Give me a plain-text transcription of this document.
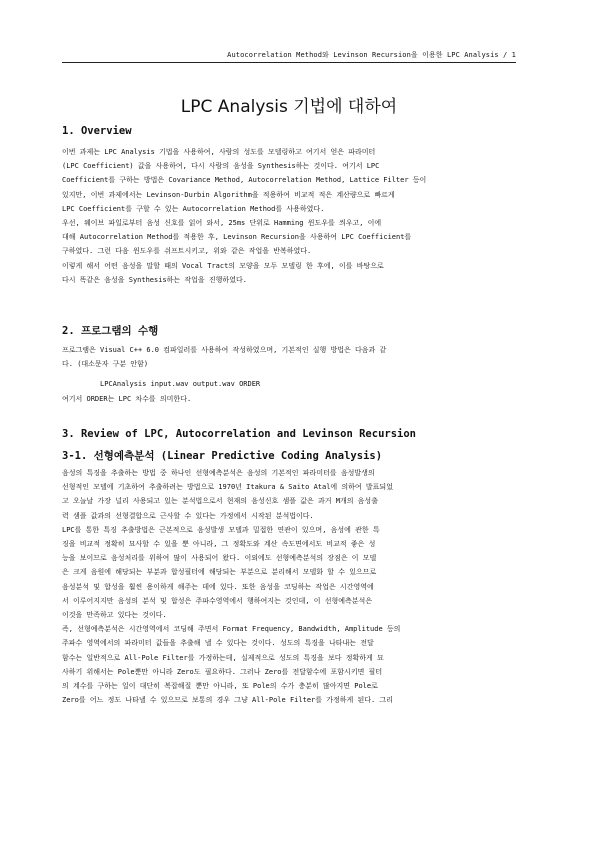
Autocorrelation Method와 Levinson Recursion을 이용한 LPC Analysis / 1
LPC Analysis 기법에 대하여
1. Overview
이번 과제는 LPC Analysis 기법을 사용하여, 사람의 성도를 모델링하고 여기서 얻은 파라미터
(LPC Coefficient) 값을 사용하여, 다시 사람의 음성을 Synthesis하는 것이다. 여기서 LPC
Coefficient를 구하는 방법은 Covariance Method, Autocorrelation Method, Lattice Filter 등이
있지만, 이번 과제에서는 Levinson-Durbin Algorithm을 적용하여 비교적 적은 계산량으로 빠르게
LPC Coefficient를 구할 수 있는 Autocorrelation Method를 사용하였다.
우선, 웨이브 파일로부터 음성 신호를 읽어 와서, 25ms 단위로 Hamming 윈도우를 씌우고, 이에
대해 Autocorrelation Method를 적용한 후, Levinson Recursion을 사용하여 LPC Coefficient를
구하였다. 그런 다음 윈도우를 쉬프트시키고, 위와 같은 작업을 반복하였다.
이렇게 해서 어떤 음성을 말할 때의 Vocal Tract의 모양을 모두 모델링 한 후에, 이를 바탕으로
다시 똑같은 음성을 Synthesis하는 작업을 진행하였다.
2. 프로그램의 수행
프로그램은 Visual C++ 6.0 컴파일러를 사용하여 작성하였으며, 기본적인 실행 방법은 다음과 같
다. (대소문자 구분 안함)
LPCAnalysis input.wav output.wav ORDER
여기서 ORDER는 LPC 차수를 의미한다.
3. Review of LPC, Autocorrelation and Levinson Recursion
3-1. 선형예측분석 (Linear Predictive Coding Analysis)
음성의 특징을 추출하는 방법 중 하나인 선형예측분석은 음성의 기본적인 파라미터를 음성발생의
선형적인 모델에 기초하여 추출하려는 방법으로 1970년 Itakura & Saito Atal에 의하여 발표되었
고 오늘날 가장 널리 사용되고 있는 분석법으로서 현재의 음성신호 샘플 값은 과거 M개의 음성출
력 샘플 값과의 선형결합으로 근사할 수 있다는 가정에서 시작된 분석법이다.
LPC를 통한 특징 추출방법은 근본적으로 음성발생 모델과 밀접한 연관이 있으며, 음성에 관한 특
징을 비교적 정확히 묘사할 수 있을 뿐 아니라, 그 정확도와 계산 속도면에서도 비교적 좋은 성
능을 보이므로 음성처리를 위하여 많이 사용되어 왔다. 이외에도 선형예측분석의 장점은 이 모델
은 크게 음원에 해당되는 부분과 합성필터에 해당되는 부분으로 분리해서 모델화 할 수 있으므로
음성분석 및 합성을 훨씬 용이하게 해주는 데에 있다. 또한 음성을 코딩하는 작업은 시간영역에
서 이루어지지만 음성의 분석 및 합성은 주파수영역에서 행하여지는 것인데, 이 선형예측분석은
이것을 만족하고 있다는 것이다.
즉, 선형예측분석은 시간영역에서 코딩해 주면서 Format Frequency, Bandwidth, Amplitude 등의
주파수 영역에서의 파라미터 값들을 추출해 낼 수 있다는 것이다. 성도의 특징을 나타내는 전달
함수는 일반적으로 All-Pole Filter를 가정하는데, 실제적으로 성도의 특징을 보다 정확하게 묘
사하기 위해서는 Pole뿐만 아니라 Zero도 필요하다. 그러나 Zero를 전달함수에 포함시키면 필터
의 계수를 구하는 일이 대단히 복잡해질 뿐만 아니라, 또 Pole의 수가 충분히 많아지면 Pole로
Zero를 어느 정도 나타낼 수 있으므로 보통의 경우 그냥 All-Pole Filter를 가정하게 된다. 그리
